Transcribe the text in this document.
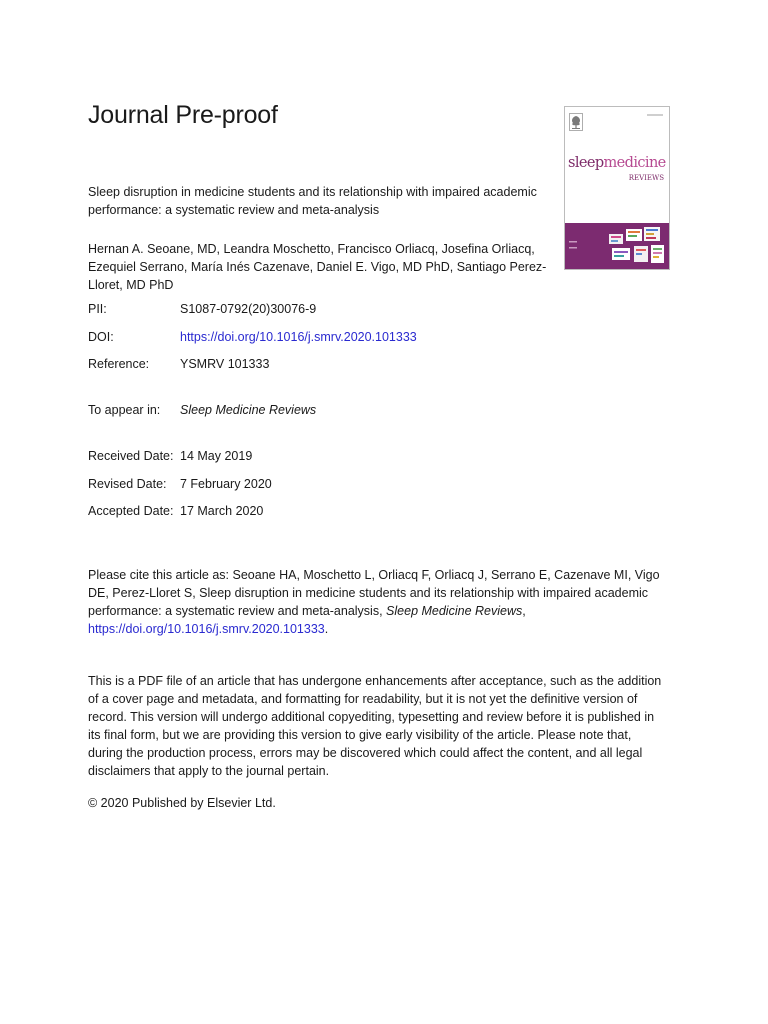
Journal Pre-proof

Sleep disruption in medicine students and its relationship with impaired academic performance: a systematic review and meta-analysis

Hernan A. Seoane, MD, Leandra Moschetto, Francisco Orliacq, Josefina Orliacq, Ezequiel Serrano, María Inés Cazenave, Daniel E. Vigo, MD PhD, Santiago Perez-Lloret, MD PhD

PII:	S1087-0792(20)30076-9
DOI:	https://doi.org/10.1016/j.smrv.2020.101333
Reference: YSMRV 101333
To appear in: Sleep Medicine Reviews
Received Date: 14 May 2019
Revised Date: 7 February 2020
Accepted Date: 17 March 2020

Please cite this article as: Seoane HA, Moschetto L, Orliacq F, Orliacq J, Serrano E, Cazenave MI, Vigo DE, Perez-Lloret S, Sleep disruption in medicine students and its relationship with impaired academic performance: a systematic review and meta-analysis, Sleep Medicine Reviews, https://doi.org/10.1016/j.smrv.2020.101333.

This is a PDF file of an article that has undergone enhancements after acceptance, such as the addition of a cover page and metadata, and formatting for readability, but it is not yet the definitive version of record. This version will undergo additional copyediting, typesetting and review before it is published in its final form, but we are providing this version to give early visibility of the article. Please note that, during the production process, errors may be discovered which could affect the content, and all legal disclaimers that apply to the journal pertain.

© 2020 Published by Elsevier Ltd.
sleepmedicine
REVIEWS
